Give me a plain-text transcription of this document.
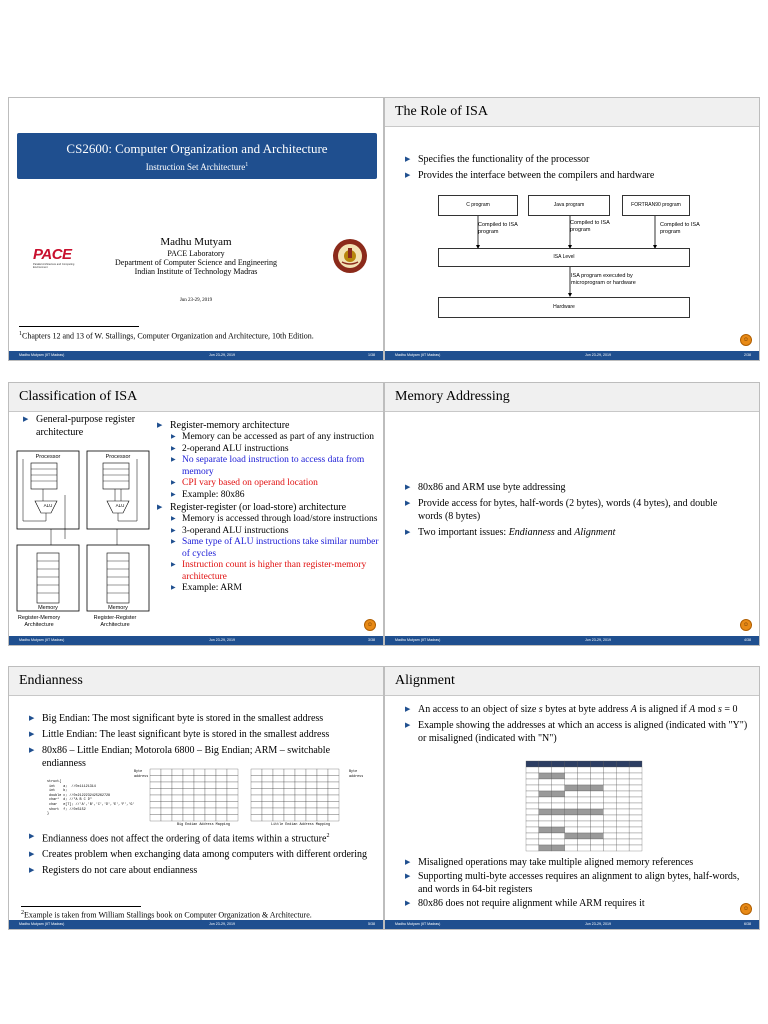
CS2600: Computer Organization and Architecture
Instruction Set Architecture$^1$
Madhu Mutyam
PACE Laboratory
Department of Computer Science and Engineering
Indian Institute of Technology Madras
PACE
Parallel Architecture and Computing Environment
Jun 23-29, 2019
$^1$Chapters 12 and 13 of W. Stallings, Computer Organization and Architecture, 10th Edition.
Madhu Mutyam (IIT Madras)	Jun 23-29, 2019	1/38
The Role of ISA
▶ Specifies the functionality of the processor
▶ Provides the interface between the compilers and hardware
C program	Java program	FORTRAN90 program
Compiled to ISA program
Compiled to ISA program
Compiled to ISA program
ISA Level
ISA program executed by microprogram or hardware
Hardware
☺
Madhu Mutyam (IIT Madras)	Jun 23-29, 2019	2/38
Classification of ISA
▶ General-purpose register architecture
Processor	Processor
ALU	ALU
Memory	Memory
Register-Memory Architecture
Register-Register Architecture
▶ Register-memory architecture
▶ Memory can be accessed as part of any instruction
▶ 2-operand ALU instructions
▶ No separate load instruction to access data from memory
▶ CPI vary based on operand location
▶ Example: 80x86
▶ Register-register (or load-store) architecture
▶ Memory is accessed through load/store instructions
▶ 3-operand ALU instructions
▶ Same type of ALU instructions take similar number of cycles
▶ Instruction count is higher than register-memory architecture
▶ Example: ARM
☺
Madhu Mutyam (IIT Madras)	Jun 23-29, 2019	3/38
Memory Addressing
▶ 80x86 and ARM use byte addressing
▶ Provide access for bytes, half-words (2 bytes), words (4 bytes), and double words (8 bytes)
▶ Two important issues: Endianness and Alignment
☺
Madhu Mutyam (IIT Madras)	Jun 23-29, 2019	4/38
Endianness
▶ Big Endian: The most significant byte is stored in the smallest address
▶ Little Endian: The least significant byte is stored in the smallest address
▶ 80x86 – Little Endian; Motorola 6800 – Big Endian; ARM – switchable endianness
struct{
int    a;  //0x11121314
int    b;
double c; //0x2122232425262728
char*  d; //"A B C D"
char   e[7]; //'A','B','C','D','E','F','G'
short  f; //0x5152
}
Byte address
Byte address
Big Endian Address Mapping	Little Endian Address Mapping
▶ Endianness does not affect the ordering of data items within a structure$^2$
▶ Creates problem when exchanging data among computers with different ordering
▶ Registers do not care about endianness
$^2$Example is taken from William Stallings book on Computer Organization & Architecture.
Madhu Mutyam (IIT Madras)	Jun 23-29, 2019	5/38
Alignment
▶ An access to an object of size s bytes at byte address A is aligned if A mod s = 0
▶ Example showing the addresses at which an access is aligned (indicated with "Y") or misaligned (indicated with "N")
▶ Misaligned operations may take multiple aligned memory references
▶ Supporting multi-byte accesses requires an alignment to align bytes, half-words, and words in 64-bit registers
▶ 80x86 does not require alignment while ARM requires it	☺
Madhu Mutyam (IIT Madras)	Jun 23-29, 2019	6/38
